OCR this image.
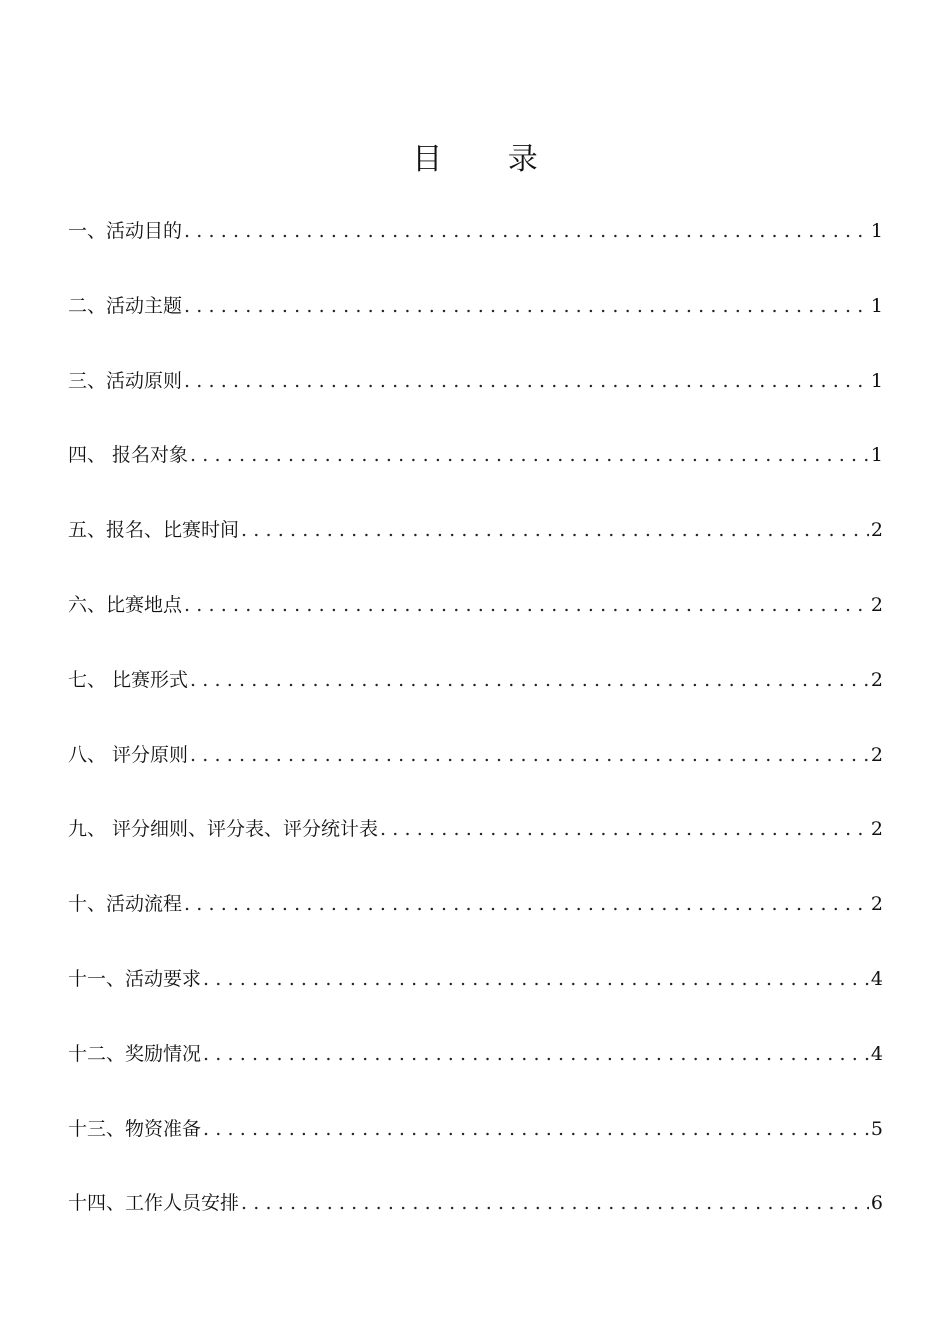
目 录
一、活动目的 .....	1
二、活动主题 .....	1
三、活动原则 .....	1
四、 报名对象 .....	1
五、报名、比赛时间 .....	2
六、比赛地点 .....	2
七、 比赛形式 .....	2
八、 评分原则 .....	2
九、 评分细则、评分表、评分统计表 .....	2
十、活动流程 .....	2
十一、活动要求 .....	4
十二、奖励情况 .....	4
十三、物资准备 .....	5
十四、工作人员安排 .....	6
